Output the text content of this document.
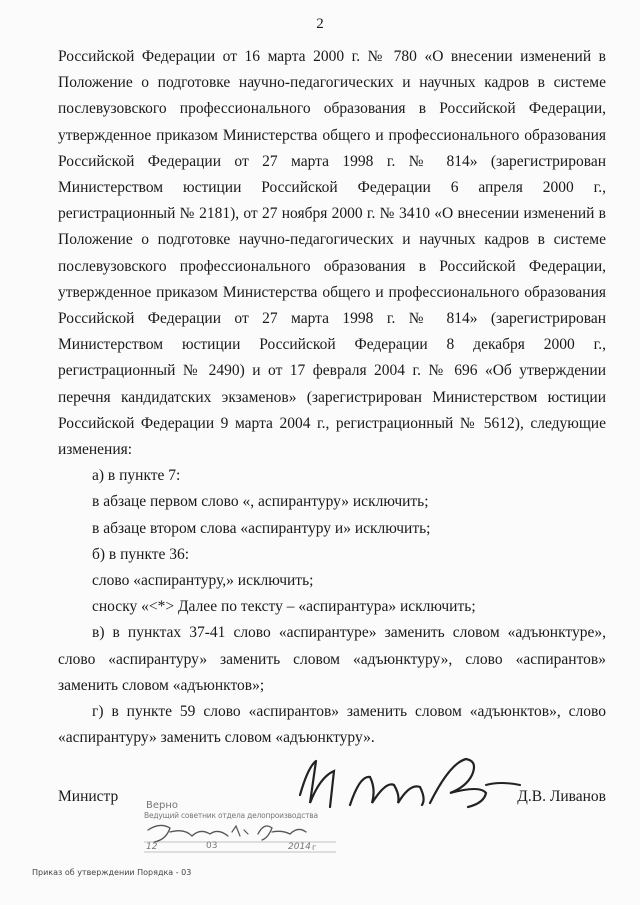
2

Российской Федерации от 16 марта 2000 г. № 780 «О внесении изменений в Положение о подготовке научно-педагогических и научных кадров в системе послевузовского профессионального образования в Российской Федерации, утвержденное приказом Министерства общего и профессионального образования Российской Федерации от 27 марта 1998 г. № 814» (зарегистрирован Министерством юстиции Российской Федерации 6 апреля 2000 г., регистрационный № 2181), от 27 ноября 2000 г. № 3410 «О внесении изменений в Положение о подготовке научно-педагогических и научных кадров в системе послевузовского профессионального образования в Российской Федерации, утвержденное приказом Министерства общего и профессионального образования Российской Федерации от 27 марта 1998 г. № 814» (зарегистрирован Министерством юстиции Российской Федерации 8 декабря 2000 г., регистрационный № 2490) и от 17 февраля 2004 г. № 696 «Об утверждении перечня кандидатских экзаменов» (зарегистрирован Министерством юстиции Российской Федерации 9 марта 2004 г., регистрационный № 5612), следующие изменения:

а) в пункте 7:

в абзаце первом слово «, аспирантуру» исключить;

в абзаце втором слова «аспирантуру и» исключить;

б) в пункте 36:

слово «аспирантуру,» исключить;

сноску «<*> Далее по тексту – «аспирантура» исключить;

в) в пунктах 37-41 слово «аспирантуре» заменить словом «адъюнктуре», слово «аспирантуру» заменить словом «адъюнктуру», слово «аспирантов» заменить словом «адъюнктов»;

г) в пункте 59 слово «аспирантов» заменить словом «адъюнктов», слово «аспирантуру» заменить словом «адъюнктуру».

Министр	Д.В. Ливанов
Верно
Ведущий советник отдела делопроизводства
12	03	2014 г
Приказ об утверждении Порядка - 03
